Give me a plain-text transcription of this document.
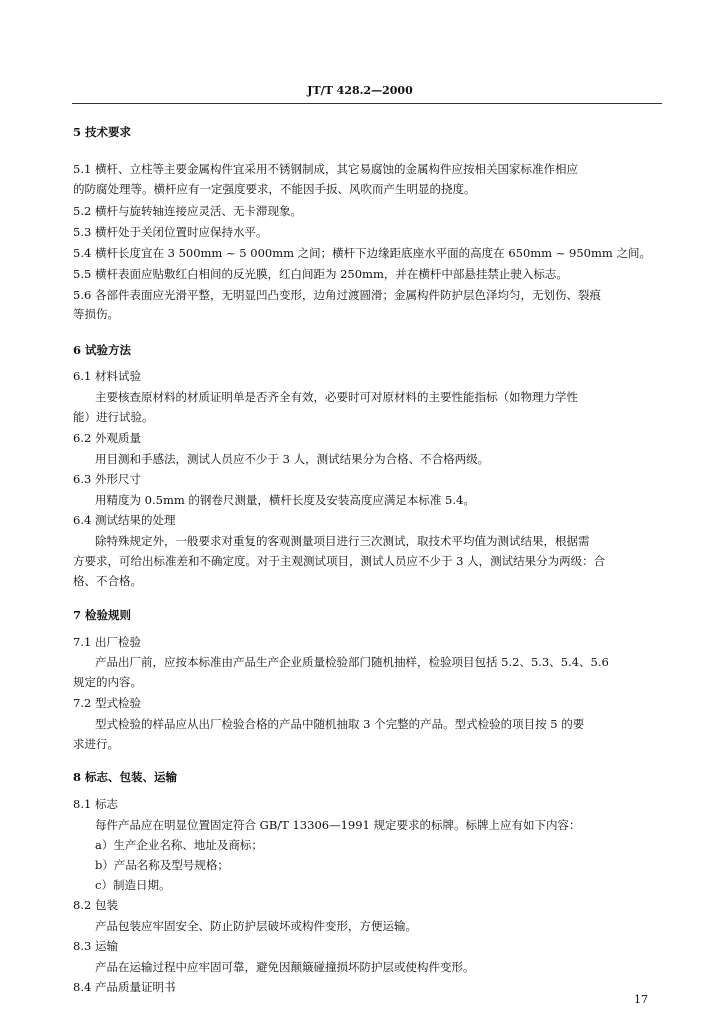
JT/T 428.2—2000
5 技术要求
5.1 横杆、立柱等主要金属构件宜采用不锈钢制成，其它易腐蚀的金属构件应按相关国家标准作相应
的防腐处理等。横杆应有一定强度要求，不能因手扳、风吹而产生明显的挠度。
5.2 横杆与旋转轴连接应灵活、无卡滞现象。
5.3 横杆处于关闭位置时应保持水平。
5.4 横杆长度宜在 3 500mm ~ 5 000mm 之间；横杆下边缘距底座水平面的高度在 650mm ~ 950mm 之间。
5.5 横杆表面应贴敷红白相间的反光膜，红白间距为 250mm，并在横杆中部悬挂禁止驶入标志。
5.6 各部件表面应光滑平整，无明显凹凸变形，边角过渡圆滑；金属构件防护层色泽均匀，无划伤、裂痕
等损伤。
6 试验方法
6.1 材料试验
主要核查原材料的材质证明单是否齐全有效，必要时可对原材料的主要性能指标（如物理力学性
能）进行试验。
6.2 外观质量
用目测和手感法，测试人员应不少于 3 人，测试结果分为合格、不合格两级。
6.3 外形尺寸
用精度为 0.5mm 的钢卷尺测量，横杆长度及安装高度应满足本标准 5.4。
6.4 测试结果的处理
除特殊规定外，一般要求对重复的客观测量项目进行三次测试，取技术平均值为测试结果，根据需
方要求，可给出标准差和不确定度。对于主观测试项目，测试人员应不少于 3 人，测试结果分为两级：合
格、不合格。
7 检验规则
7.1 出厂检验
产品出厂前，应按本标准由产品生产企业质量检验部门随机抽样，检验项目包括 5.2、5.3、5.4、5.6
规定的内容。
7.2 型式检验
型式检验的样品应从出厂检验合格的产品中随机抽取 3 个完整的产品。型式检验的项目按 5 的要
求进行。
8 标志、包装、运输
8.1 标志
每件产品应在明显位置固定符合 GB/T 13306—1991 规定要求的标牌。标牌上应有如下内容：
a）生产企业名称、地址及商标；
b）产品名称及型号规格；
c）制造日期。
8.2 包装
产品包装应牢固安全、防止防护层破坏或构件变形，方便运输。
8.3 运输
产品在运输过程中应牢固可靠，避免因颠簸碰撞损坏防护层或使构件变形。
8.4 产品质量证明书
17
